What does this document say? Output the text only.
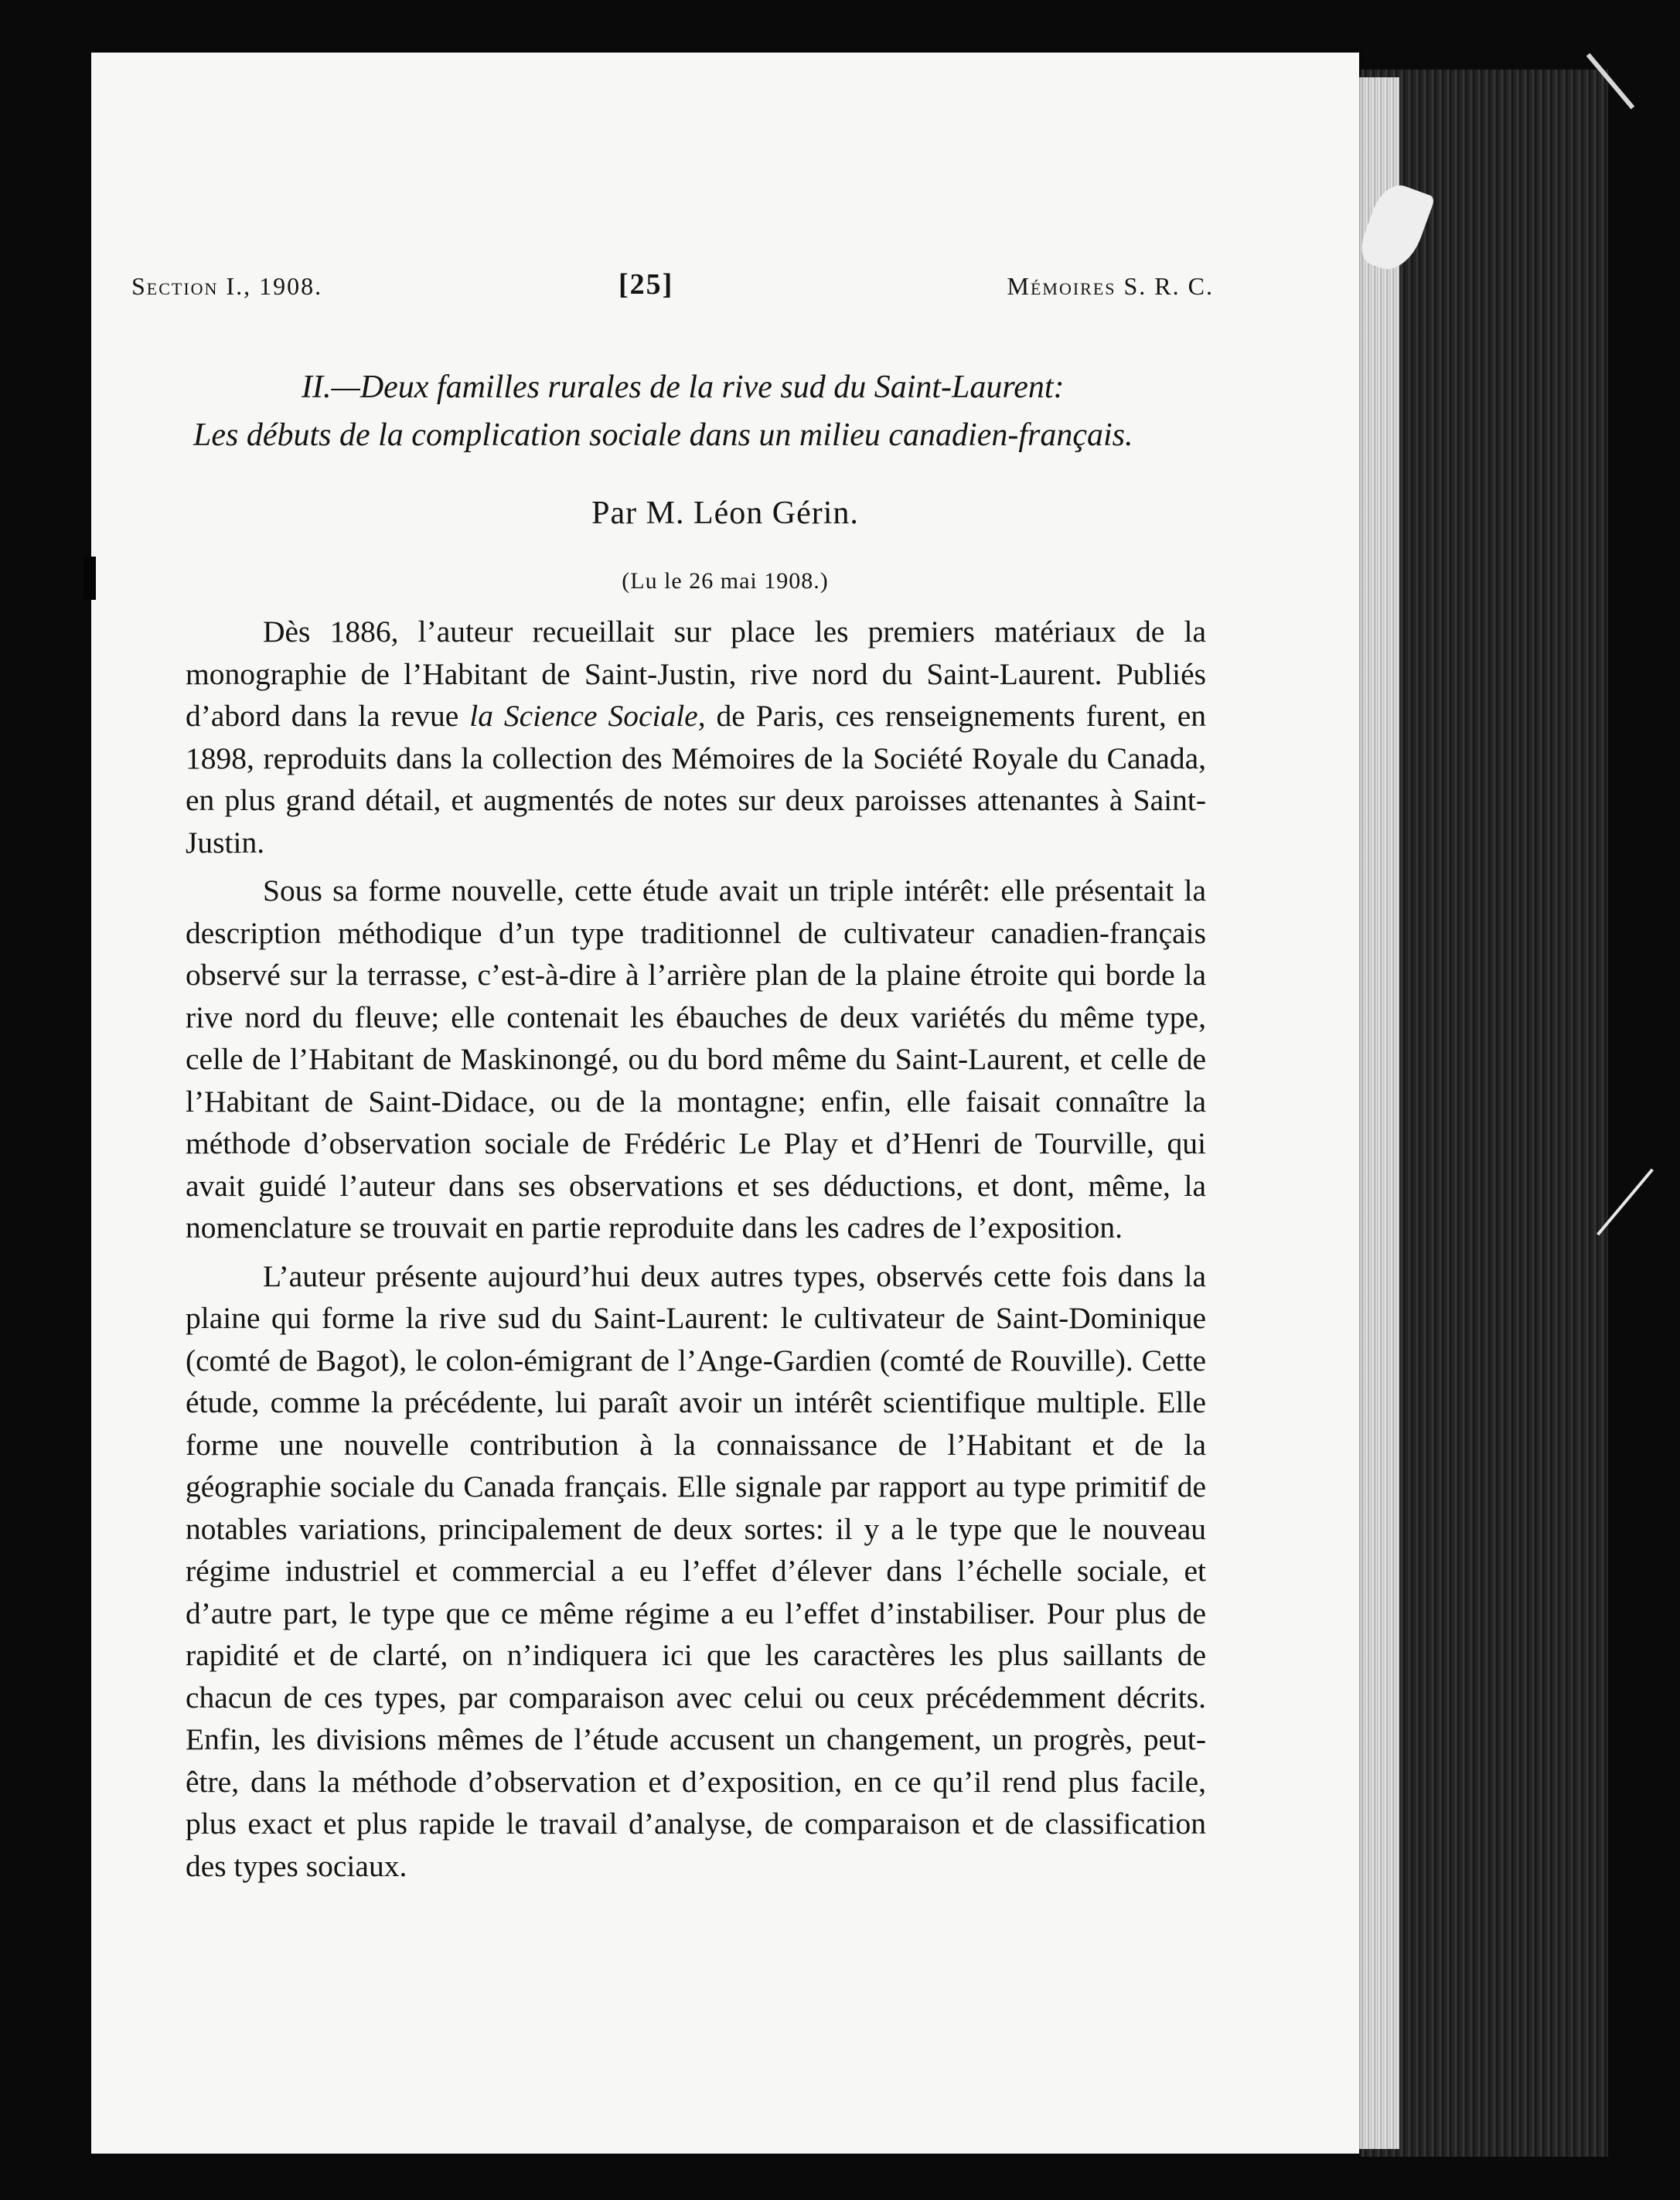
Section I., 1908.	[25]	Mémoires S. R. C.
II.—Deux familles rurales de la rive sud du Saint-Laurent:
Les débuts de la complication sociale dans un milieu canadien-français.
Par M. Léon Gérin.
(Lu le 26 mai 1908.)

Dès 1886, l’auteur recueillait sur place les premiers matériaux de la monographie de l’Habitant de Saint-Justin, rive nord du Saint-Laurent. Publiés d’abord dans la revue la Science Sociale, de Paris, ces renseignements furent, en 1898, reproduits dans la collection des Mémoires de la Société Royale du Canada, en plus grand détail, et augmentés de notes sur deux paroisses attenantes à Saint-Justin.

Sous sa forme nouvelle, cette étude avait un triple intérêt: elle présentait la description méthodique d’un type traditionnel de cultivateur canadien-français observé sur la terrasse, c’est-à-dire à l’arrière plan de la plaine étroite qui borde la rive nord du fleuve; elle contenait les ébauches de deux variétés du même type, celle de l’Habitant de Maskinongé, ou du bord même du Saint-Laurent, et celle de l’Habitant de Saint-Didace, ou de la montagne; enfin, elle faisait connaître la méthode d’observation sociale de Frédéric Le Play et d’Henri de Tourville, qui avait guidé l’auteur dans ses observations et ses déductions, et dont, même, la nomenclature se trouvait en partie reproduite dans les cadres de l’exposition.

L’auteur présente aujourd’hui deux autres types, observés cette fois dans la plaine qui forme la rive sud du Saint-Laurent: le cultivateur de Saint-Dominique (comté de Bagot), le colon-émigrant de l’Ange-Gardien (comté de Rouville). Cette étude, comme la précédente, lui paraît avoir un intérêt scientifique multiple. Elle forme une nouvelle contribution à la connaissance de l’Habitant et de la géographie sociale du Canada français. Elle signale par rapport au type primitif de notables variations, principalement de deux sortes: il y a le type que le nouveau régime industriel et commercial a eu l’effet d’élever dans l’échelle sociale, et d’autre part, le type que ce même régime a eu l’effet d’instabiliser. Pour plus de rapidité et de clarté, on n’indiquera ici que les caractères les plus saillants de chacun de ces types, par comparaison avec celui ou ceux précédemment décrits. Enfin, les divisions mêmes de l’étude accusent un changement, un progrès, peut-être, dans la méthode d’observation et d’exposition, en ce qu’il rend plus facile, plus exact et plus rapide le travail d’analyse, de comparaison et de classification des types sociaux.
